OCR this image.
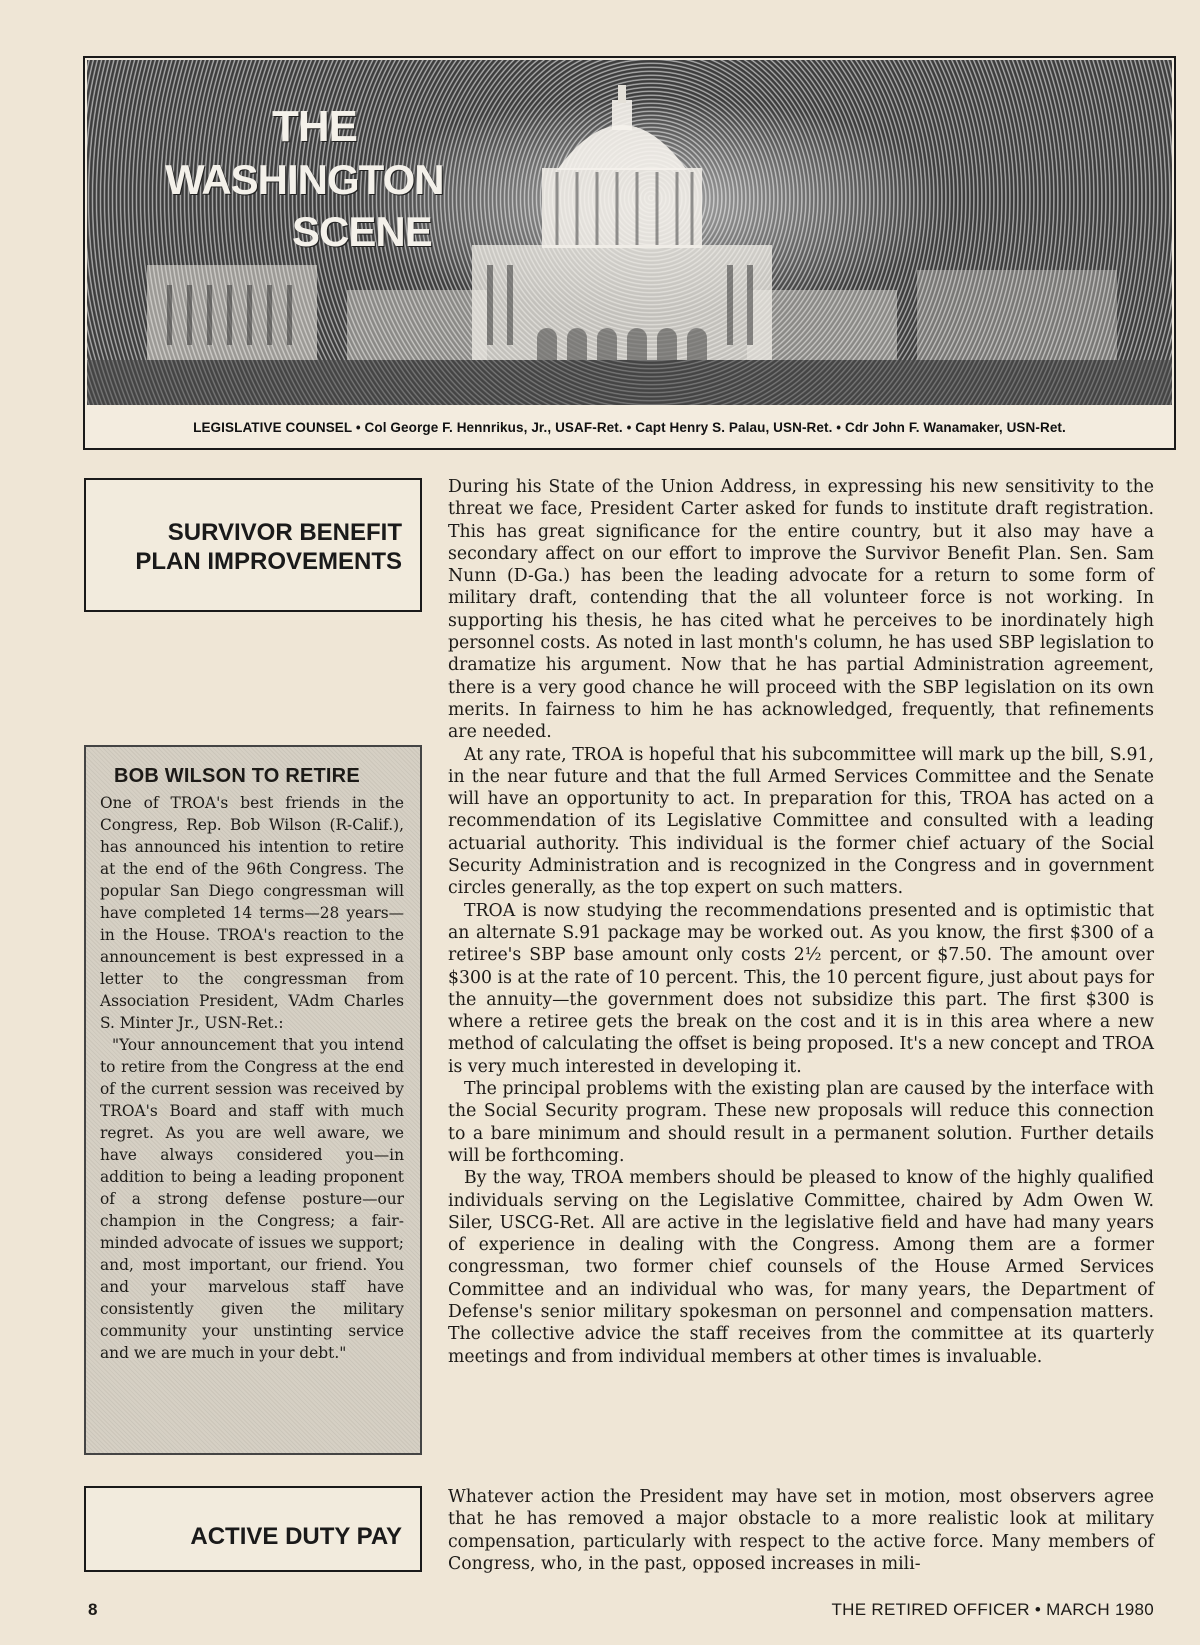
THE
WASHINGTON
SCENE
LEGISLATIVE COUNSEL • Col George F. Hennrikus, Jr., USAF-Ret. • Capt Henry S. Palau, USN-Ret. • Cdr John F. Wanamaker, USN-Ret.
SURVIVOR BENEFIT
PLAN IMPROVEMENTS
BOB WILSON TO RETIRE

One of TROA's best friends in the Congress, Rep. Bob Wilson (R-Calif.), has announced his intention to retire at the end of the 96th Congress. The popular San Diego congressman will have completed 14 terms—28 years—in the House. TROA's reaction to the announcement is best expressed in a letter to the congressman from Association President, VAdm Charles S. Minter Jr., USN-Ret.:

"Your announcement that you intend to retire from the Congress at the end of the current session was received by TROA's Board and staff with much regret. As you are well aware, we have always considered you—in addition to being a leading proponent of a strong defense posture—our champion in the Congress; a fair-minded advocate of issues we support; and, most important, our friend. You and your marvelous staff have consistently given the military community your unstinting service and we are much in your debt."

ACTIVE DUTY PAY

During his State of the Union Address, in expressing his new sensitivity to the threat we face, President Carter asked for funds to institute draft registration. This has great significance for the entire country, but it also may have a secondary affect on our effort to improve the Survivor Benefit Plan. Sen. Sam Nunn (D-Ga.) has been the leading advocate for a return to some form of military draft, contending that the all volunteer force is not working. In supporting his thesis, he has cited what he perceives to be inordinately high personnel costs. As noted in last month's column, he has used SBP legislation to dramatize his argument. Now that he has partial Administration agreement, there is a very good chance he will proceed with the SBP legislation on its own merits. In fairness to him he has acknowledged, frequently, that refinements are needed.

At any rate, TROA is hopeful that his subcommittee will mark up the bill, S.91, in the near future and that the full Armed Services Committee and the Senate will have an opportunity to act. In preparation for this, TROA has acted on a recommendation of its Legislative Committee and consulted with a leading actuarial authority. This individual is the former chief actuary of the Social Security Administration and is recognized in the Congress and in government circles generally, as the top expert on such matters.

TROA is now studying the recommendations presented and is optimistic that an alternate S.91 package may be worked out. As you know, the first $300 of a retiree's SBP base amount only costs 2½ percent, or $7.50. The amount over $300 is at the rate of 10 percent. This, the 10 percent figure, just about pays for the annuity—the government does not subsidize this part. The first $300 is where a retiree gets the break on the cost and it is in this area where a new method of calculating the offset is being proposed. It's a new concept and TROA is very much interested in developing it.

The principal problems with the existing plan are caused by the interface with the Social Security program. These new proposals will reduce this connection to a bare minimum and should result in a permanent solution. Further details will be forthcoming.

By the way, TROA members should be pleased to know of the highly qualified individuals serving on the Legislative Committee, chaired by Adm Owen W. Siler, USCG-Ret. All are active in the legislative field and have had many years of experience in dealing with the Congress. Among them are a former congressman, two former chief counsels of the House Armed Services Committee and an individual who was, for many years, the Department of Defense's senior military spokesman on personnel and compensation matters. The collective advice the staff receives from the committee at its quarterly meetings and from individual members at other times is invaluable.

Whatever action the President may have set in motion, most observers agree that he has removed a major obstacle to a more realistic look at military compensation, particularly with respect to the active force. Many members of Congress, who, in the past, opposed increases in mili-

8	THE RETIRED OFFICER • MARCH 1980
